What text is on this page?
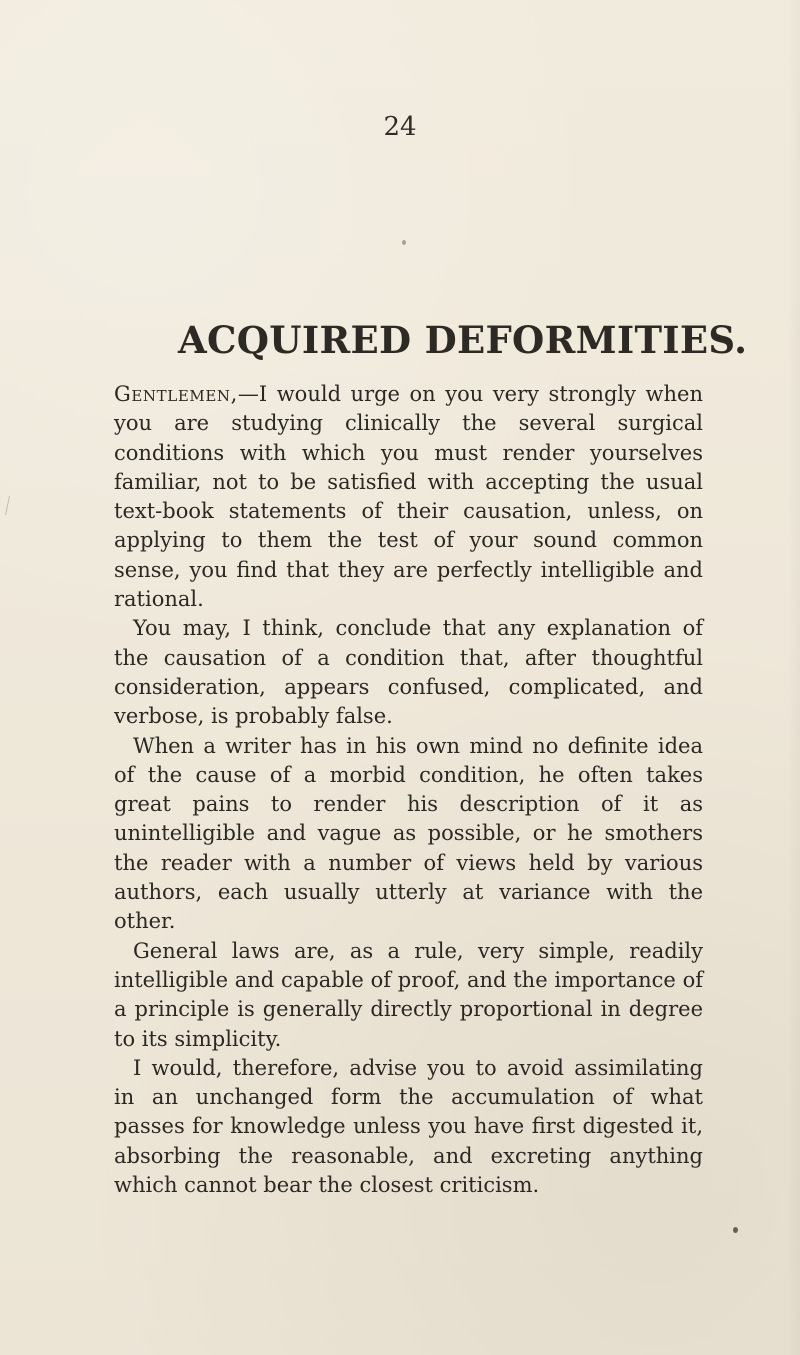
24
ACQUIRED DEFORMITIES.

Gentlemen,—I would urge on you very strongly when you are studying clinically the several surgical conditions with which you must render yourselves familiar, not to be satisfied with accepting the usual text-book statements of their causation, unless, on applying to them the test of your sound common sense, you find that they are perfectly intelligible and rational.

You may, I think, conclude that any explanation of the causation of a condition that, after thoughtful consideration, appears confused, complicated, and verbose, is probably false.

When a writer has in his own mind no definite idea of the cause of a morbid condition, he often takes great pains to render his description of it as unintelligible and vague as possible, or he smothers the reader with a number of views held by various authors, each usually utterly at variance with the other.

General laws are, as a rule, very simple, readily intelligible and capable of proof, and the importance of a principle is generally directly proportional in degree to its simplicity.

I would, therefore, advise you to avoid assimilating in an unchanged form the accumulation of what passes for knowledge unless you have first digested it, absorbing the reasonable, and excreting anything which cannot bear the closest criticism.
